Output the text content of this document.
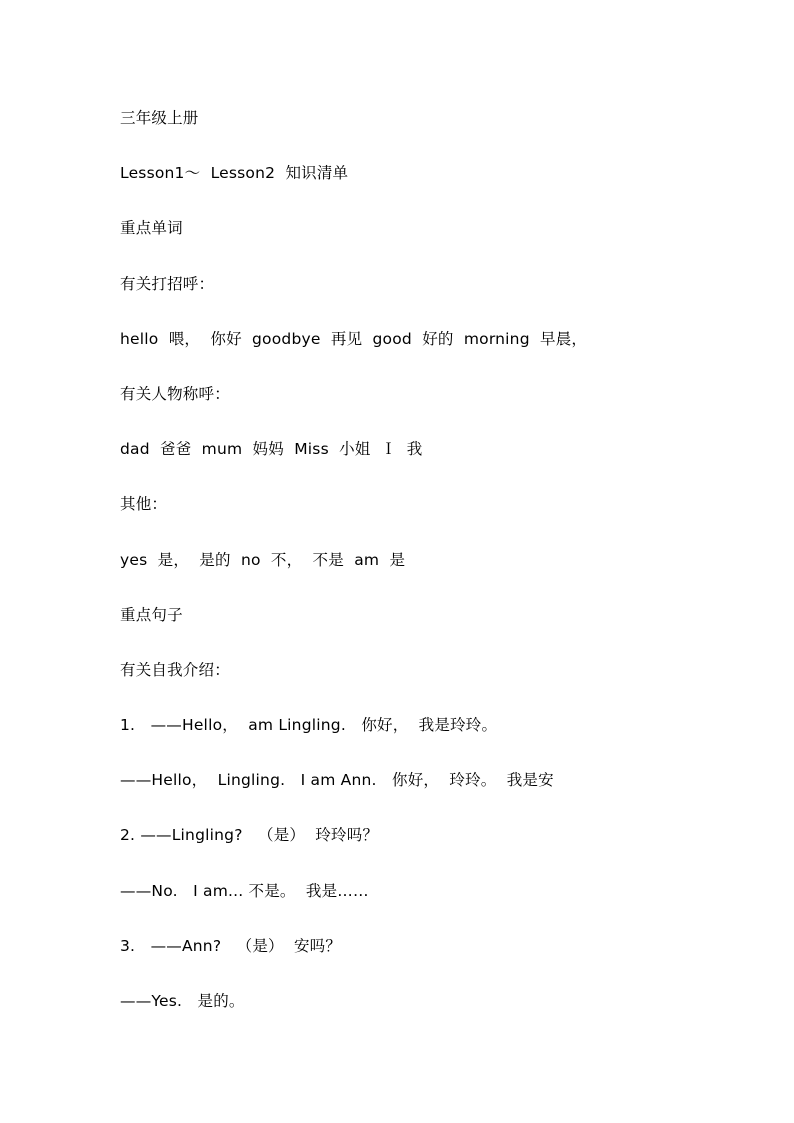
三年级上册
Lesson1～  Lesson2  知识清单
重点单词
有关打招呼：
hello  喂，  你好  goodbye  再见  good  好的  morning  早晨，
有关人物称呼：
dad  爸爸  mum  妈妈  Miss  小姐  Ｉ  我
其他：
yes  是，  是的  no  不，  不是  am  是
重点句子
有关自我介绍：
1.   ——Hello，  am Lingling.   你好，  我是玲玲。
——Hello，  Lingling.   I am Ann.   你好，  玲玲。  我是安
2. ——Lingling?   （是）  玲玲吗？
——No.   I am... 不是。  我是……
3.   ——Ann?   （是）  安吗？
——Yes.   是的。
